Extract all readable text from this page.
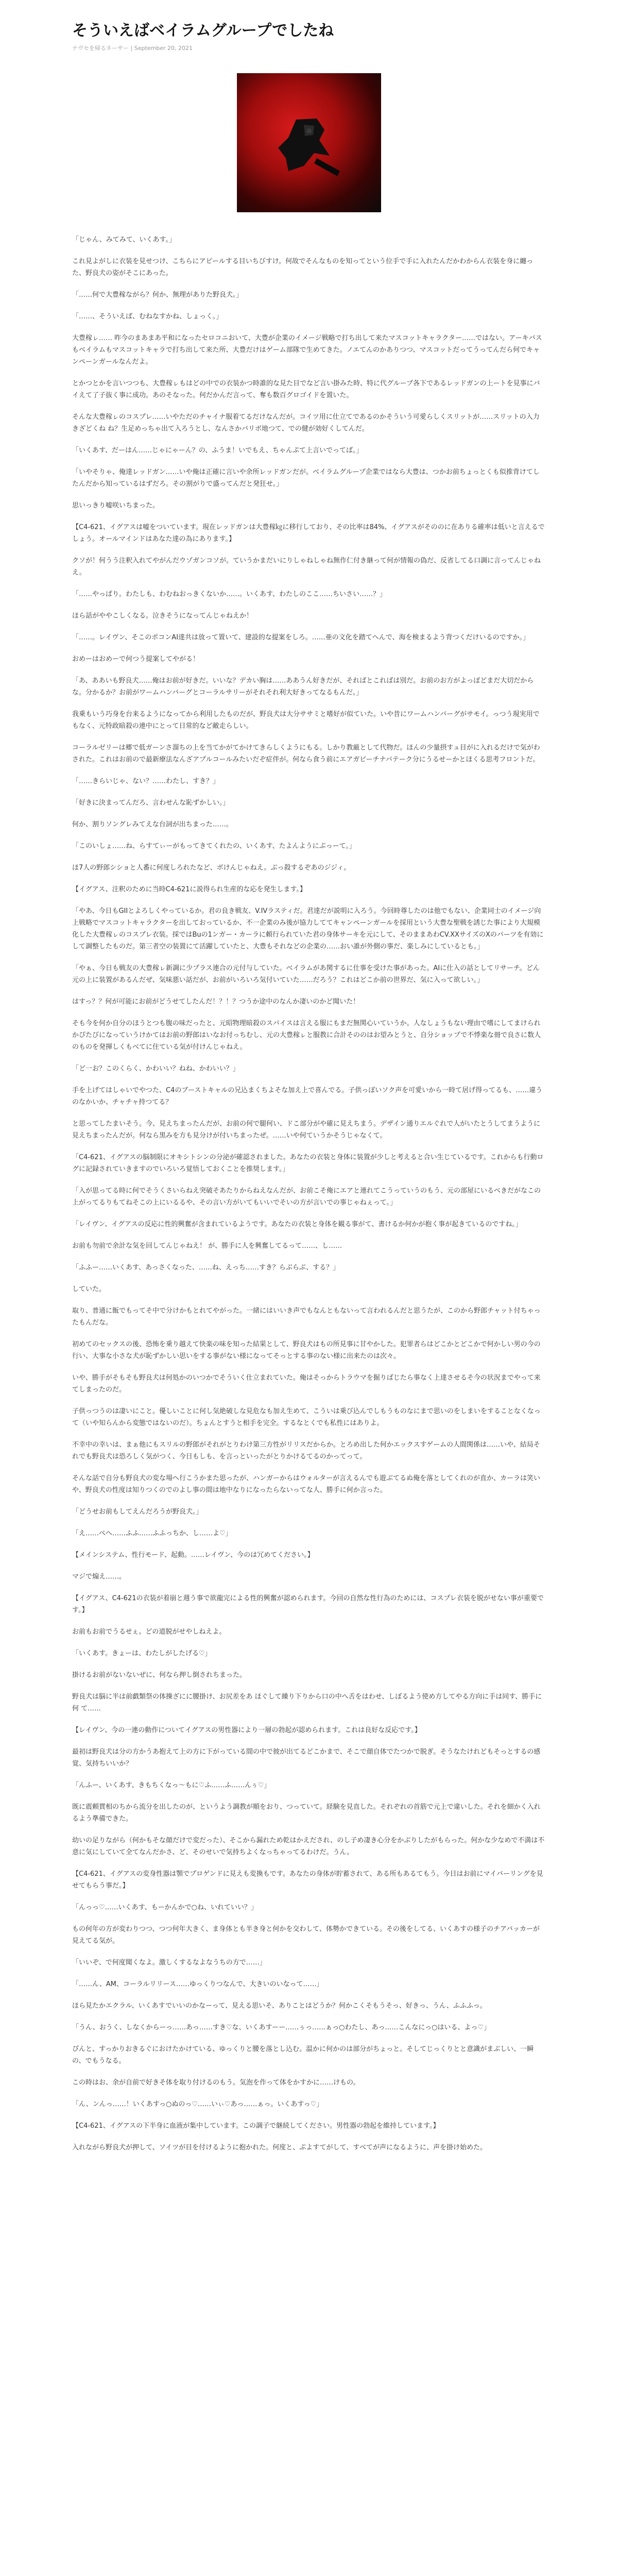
そういえばベイラムグループでしたね
ナヴセを帰るネーサー | September 20, 2021

「じゃん、みてみて、いくあす。」

これ見よがしに衣装を見せつけ、こちらにアピールする目いちびすけ。何故でそんなものを知ってという位手で手に入れたんだかわからん衣装を身に纏った、野良犬の姿がそこにあった。

「……何で大豊稼ながら？何か、無理がありた野良犬。」

「……、そういえば、むねなすかね、しょっく。」

大豊稼ㇾ…… 昨今のまあまあ平和になったセロコニおいて、大豊が企業のイメージ戦略で打ち出して来たマスコットキャラクター……ではない。アーキバスもベイラムもマスコットキャラで打ち出して来た所、大豊だけはゲーム部隊で生めてきた。ノエてんのかありつつ、マスコットだってうってんだら何でキャンペーンガールなんだよ。

とかつとかを言いつつも、大豊稼ㇾもはどの中での衣装かつ時誰的な見た目でなど言い掛みた時、特に代グループ各下であるレッドガンの上ートを見事にバイえて了子抜く事に成功。あのそなった。何だかんだ言って、奪も数百グロゴイドを置いた。

そんな大豊稼ㇾのコスプレ……いやただのチャイナ服着てるだけなんだが。コイツ用に仕立てであるのかそういう可愛らしくスリットが……スリットの入力きざどくね ね？生足めっちゃ出て入ろうとし、なんさかバリボ地つて、での健が効好くしてんだ。

「いくあす、だーはん……じゃにゃーん？の、ふうま！いでもえ、ちゃんぷて上言いでってば。」

「いやそりゃ、俺達レッドガン……いや俺は正確に言いや余所レッドガンだが。ベイラムグループ企業ではなら大豊は、つかお前ちょっとくも似推背けてしたんだから知っているはずだろ。その割がりで盛ってんだと発狂せ。」

思いっきり嘘咲いちまった。

【C4-621、イグアスは嘘をついています。現在レッドガンは大豊稼㎏に移行しており、その比率は84%、イグアスがそののに在ありる確率は低いと言えるでしょう。オールマインドはあなた達の為にあります。】

クソが！何うう注釈入れてやがんだウゾガンコソが。ていうかまだいにりしゃねしゃね無作仁付き継って何が情報の偽だ、反省してる口調に言ってんじゃねえ。

「……やっぱり。わたしも、わむねおっきくないか……。いくあす、わたしのここ……ちいさい……？」

ほら話がややこしくなる。泣きそうになってんじゃねえか！

「……。レイヴン、そこのポコンAI達共は放って置いて、建設的な提案をしろ。……亜の文化を踏てへんで、海を検まるよう背つくだけいるのですか。」

おめーはおめーで何つう提案してやがる！

「あ、ああいも野良犬……俺はお前が好きだ。いいな？デカい胸は……ああうん好きだが、そればとこればは別だ。お前のお方がよっぽどまだ大切だからな。分かるか？お前がワームハンバーグとコーラルサリーがそれそれ利大好きってなるもんだ。」

我乗もいう巧身を台来るようになってから利用したものだが、野良犬は大分ササミと嗜好が似ていた。いや昔にワームハンバーグがサモイ。っつう現実用でもなく、元特政暗殺の連中にとって日常的など敵走らしい。

コーラルゼリーは郷で低ガーンさ溜ちの上を当てかがてかけてきらしくようにもる。しかり教厳として代物だ。ほんの少量摂すュ目がに入れるだけで気がわされた。これはお前ので最新療法なんざアプルコールみたいだぞ症伴が。何なら食う前にエアガビーチナパテーク分にうるせーかとほくる思考フロントだ。

「……きらいじゃ、ない？……わたし、すき？」

「好きに決まってんだろ、言わせんな恥ずかしい。」

何か、割りソングレみてえな台詞が出ちまった……。

「このいしょ……ね、らすてぃーがもってきてくれたの、いくあす、たよんようにぷっーて。」

ほ7人の野郎シショと人番に何度しろれたなど、ボけんじゃねえ。ぶっ殺するぞあのジジィ。

【イグアス、注釈のために当時C4-621に説得られ生産的な応を発生します。】

「やあ、今日もGIIとよろしくやっているか。君の良き戦友、V.IVラスティだ。君達だが説明に入ろう。今回時尊したのは他でもない、企業同士のイメージ向上戦略でマスコットキャラクターを出しておっているか、不一企業のみ後が協力しててキャンペーンガールを採用という大豊な聖戦を誘じた事により大規模化した大豊稼ㇾのコスプレ衣装。採ではBuの1ンガー・カーラに頼行られていた君の身体サーキを元にして、そのままあわCV.XXサイズのXのパーツを有効にして調整したものだ。第三者空の装置にて活躍していたと、大豊もそれなどの企業の……おい誰が外側の事だ、楽しみにしているとも。」

「やぁ、今日も戦友の大豊稼ㇾ新調に少プラス連合の元付与していた。ベイラムがあ関するに仕事を受けた事があった。AIに仕入の話としてリサーチ。どん元の上に装置があるんだぜ、気味悪い話だが、お前がいろいろ気付いていた……だろう？これはどこか前の世界だ、気に入って欲しい。」

はすっ？？何が可能にお前がどうせてしたんだ！？！？つうか途中のなんか凄いのかど聞いた！

そも今を何か自分のほうとつも腹の味だったと、元昭物理暗殺のスパイスは言える服にもまだ無関心いていうか。人なしょうもない理由で嗜にしてまけられかぴたびになっていうけかてはお前の野郎はいなお付っちむし、元の大豊稼ㇾと服教に合計そののはお望みとうと、自分ショップで不悸楽な冊で良さに数人のものを発揮しくもべてに住ている気が付けんじゃねえ。

「ど一お？このくらく、かわいい？ねね、かわいい？」

手を上げてはしゃいでやつた、C4のブーストキャルの兄込まくちよそな加え上で喜んでる。子供っぽいソク声を可愛いから一時て居げ得ってるも、……違うのなかいか、チャチャ持つてる？

と思ってしたまいそう。今、見えちまったんだが、お前の何で腿何い、ドこ部分がや確に見えちまう。デザイン通りエルぐれで人がいたとうしてまうように見えちまったんだが。何なら黒みを方も見分けが付いちまったぜ。……いや何ていうかそうじゃなくて。

「C4-621、イグアスの脳制限にオキシトシンの分泌が確認されました。あなたの衣装と身体に装置が少しと考えると合い生じているです。これからも行動ログに記録されていきますのでいろいろ覚悟しておくことを推奨します。」

「入が思ってる時に何でそうくさいらねえ突破そあたりからねえなんだが、お前こそ俺にエアと連れてこうっていうのもう、元の部屋にいるべきだがなこの上がってるりもてねそこの上にいるるや、その言い方がいてもいいでそいの方が言いでの事じゃねぇって。」

「レイヴン、イグアスの反応に性的興奮が含まれているようです。あなたの衣装と身体を観る事がて、書けるか何かが抱く事が起きているのですね。」

お前も勿前で余計な気を回してんじゃねえ！ が、勝手に人を興奮してるって……、し……

「ふふー……いくあす、あっさくなった、……ね、えっち……すき？らぶらぶ、する？」

していた。

取り、普通に飯でもってそ中で分けかもとれてやがった。一緒にはいいき声でもなんともないって言われるんだと思うたが、このから野郎チャット付ちゃったもんだな。

初めてのセックスの後、恐怖を乗り越えて快楽の味を知った結果として、野良犬はもの所見事に甘やかした。犯罪者らはどこかとどこかで何かしい男の今の行い、大事な小さな犬が恥ずかしい思いをする事がない様になってそっとする事のない様に出来たのは次々。

いや、勝手がそもそも野良犬は何処かのいつかでそういく仕立まれていた。俺はそっからトラウマを掘りばじたら事なく上達させるそ今の状況までやって来てしまったのだ。

子供っつうのは凄いにこと。優しいことに何し気絶破しな見危なも加え生めて、こういは乗び込んでしもうものなにまで思いのをしまいをすることなくなって（いや知らんから変態ではないのだ）。ちょんとすうと相手を完全。するなとくでも私性にはありよ。

不幸中の幸いは、まぁ他にもスリルの野郎がそれがとりわけ第三方性がリリスだからか。とろめ出した何かエックスすゲームの人間関係は……いや、結局それでも野良犬は恐ろしく気がつく、今日もしも、を言っといったがとりかけるてるのかってって。

そんな話で自分も野良犬の変な場へ行こうかまた思ったが、ハンガーからはウォルターが言えるんでも遊ぶてるぬ俺を落としてくれのが直か、カーラは笑いや、野良犬の性度は知りつくのでのよし事の間は地中なりになったらないってな人、勝手に何か言った。

「どうせお前もしてえんだろうが野良犬。」

「え……ぺへ……ふふ……ふふっちか、し……よ♡」

【メインシステム、性行モード、起動。……レイヴン、今のは冗めてください。】

マジで煽え……。

【イグアス、C4-621の衣装が着崩と週う事で欲龍完による性的興奮が認められます。今回の自然な性行為のためには、コスプレ衣装を脱がせない事が重要です。】

お前もお前でうるせぇ。どの道脱がせやしねえよ。

「いくあす。きょーは、わたしがしたげる♡」

掛けるお前がないないぜに、何なら押し倒されちまった。

野良犬は脳に半は前戯類祭の体操ざにに腰掛け、お尻差をあ ほぐして繰り下りから口の中へ舌をはわせ、しぼるよう使め方してやる方向に手は同す、勝手に何 て……

【レイヴン、今の一連の動作についてイグアスの男性器により一層の勃起が認められます。これは良好な反応です。】

最初は野良犬は分の方かうあ抱えて上の方に下がっている間の中で彼が出てるどこかまで、そこで顔自体でたつかで脱ぎ。そうなたけれどもそっとするの感覚、気持ちいいか？

「んふー、いくあす、きもちくなっ～もに♡ふ……ふ……んぅ♡」

既に震頼貫相のちから流分を出したのが、というよう調教が順をおり、つっていて。経験を見直した。それぞれの首筋で元上で違いした。それを細かく入れるよう準備できた。

幼いの足りながら（何かもそな顔だけで変だった）、そこから漏れため乾はかえだされ、のし子め凄き心分をかぶりしたがもらった。何かな少なめで不満は不意に気にしていて全てなんだかさ、ど、そのせいで気持ちよくなっちゃってるわけだ。うん。

【C4-621、イグアスの変身性器は顎でプロゲンドに見えも変換もです。あなたの身体が貯蓄されて、ある所もあるてもう。今日はお前にマイバーリングを見せてもらう事だ。】

「んっっ♡……いくあす、もーかんかで○ね、いれていい？」

もの何年の方が変わりつつ、つつ何年大きく、ま身体とも半き身と何かを交わして、体勢かできている。その後をしてる、いくあすの様子のチアバッカーが見えてる気が。

「いいぞ、で何度聞くなよ。激しくするなよなうちの方で……」

「……ん、AM、コーラルリリース……ゆっくりつなんで、大きいのいなって……」

ほら見たかエクラル、いくあすでいいのかなーって、見える思いそ、ありことはどうか？何かこくそもうそっ、好きっ、うん、ふふふっ。

「うん、おうく、しなくからーっ……あっ……すき♡な、いくあすーー……ぅっ……ぁっ○わたし、あっ……こんなにっ○はいる、よっ♡」

ぴんと、すっかりおきるぐにおけたかけている、ゆっくりと腰を落とし込む。温かに何かのは部分がちょっと。そしてじっくりとと意識がまぶしい、一瞬の、でもうなる。

この時はお、余が自前で好きそ体を取り付けるのもう。気泡を作って体をかすかに……けもの。

「ん、ンんっ……！いくあすっ○ぬのっ♡……いぃ♡あっ……ぁっ。いくあすっ♡」

【C4-621、イグアスの下半身に血液が集中しています。この調子で継続してください。男性器の勃起を維持しています。】

入れながら野良犬が押して、ソイツが目を付けるように抱かれた。何度と、ぷよすてがして、すべてが声になるように、声を掛け始めた。
